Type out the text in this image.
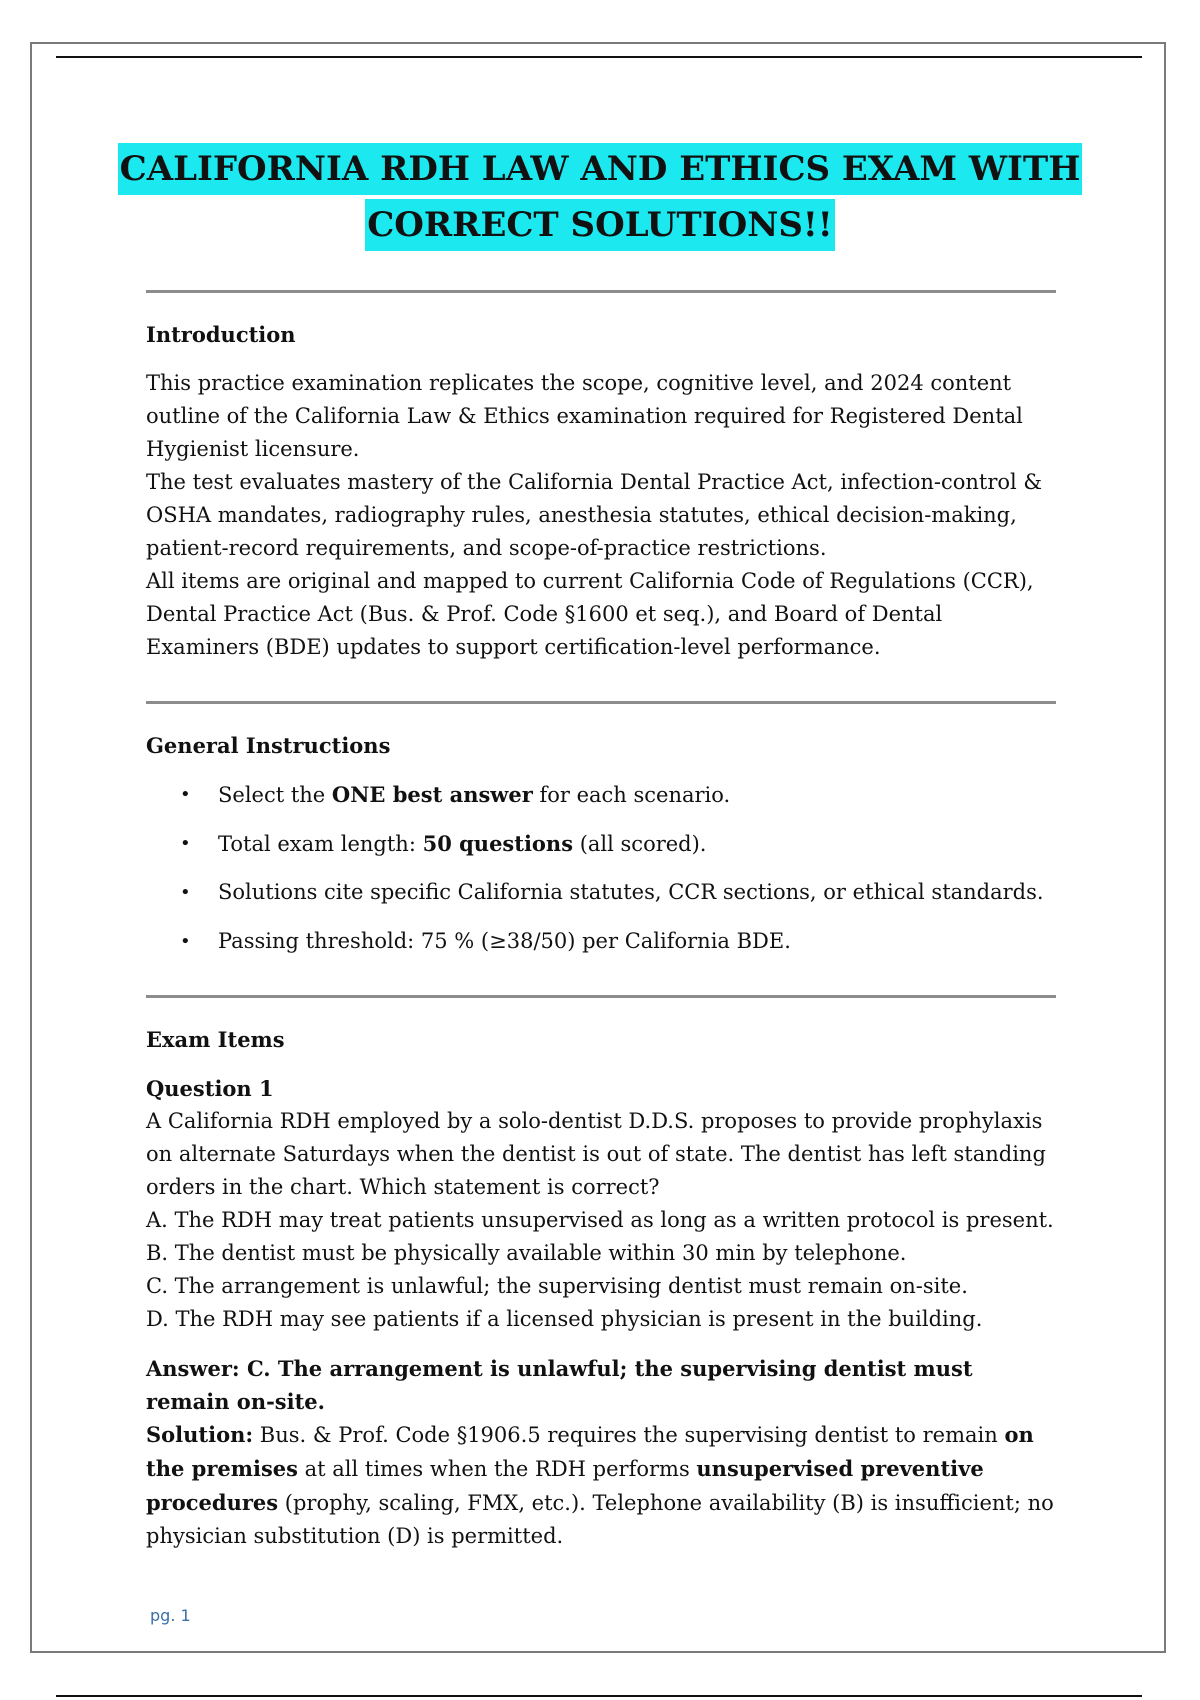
CALIFORNIA RDH LAW AND ETHICS EXAM WITH
CORRECT SOLUTIONS!!
Introduction

This practice examination replicates the scope, cognitive level, and 2024 content outline of the California Law & Ethics examination required for Registered Dental Hygienist licensure.

The test evaluates mastery of the California Dental Practice Act, infection-control & OSHA mandates, radiography rules, anesthesia statutes, ethical decision-making, patient-record requirements, and scope-of-practice restrictions.

All items are original and mapped to current California Code of Regulations (CCR), Dental Practice Act (Bus. & Prof. Code §1600 et seq.), and Board of Dental Examiners (BDE) updates to support certification-level performance.

General Instructions
• Select the ONE best answer for each scenario.
• Total exam length: 50 questions (all scored).
• Solutions cite specific California statutes, CCR sections, or ethical standards.
• Passing threshold: 75 % (≥38/50) per California BDE.
Exam Items
Question 1

A California RDH employed by a solo-dentist D.D.S. proposes to provide prophylaxis on alternate Saturdays when the dentist is out of state. The dentist has left standing orders in the chart. Which statement is correct?

A. The RDH may treat patients unsupervised as long as a written protocol is present.

B. The dentist must be physically available within 30 min by telephone.

C. The arrangement is unlawful; the supervising dentist must remain on-site.

D. The RDH may see patients if a licensed physician is present in the building.

Answer: C. The arrangement is unlawful; the supervising dentist must remain on-site.

Solution: Bus. & Prof. Code §1906.5 requires the supervising dentist to remain on the premises at all times when the RDH performs unsupervised preventive procedures (prophy, scaling, FMX, etc.). Telephone availability (B) is insufficient; no physician substitution (D) is permitted.

pg. 1
